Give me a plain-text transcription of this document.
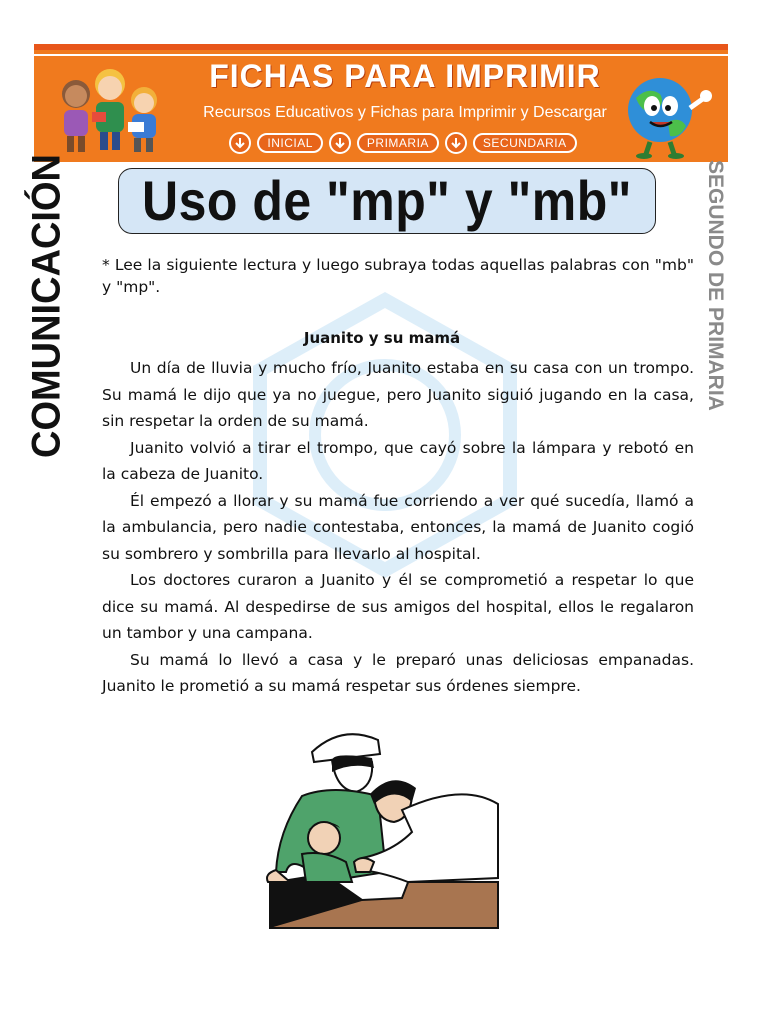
FICHAS PARA IMPRIMIR
Recursos Educativos y Fichas para Imprimir y Descargar
INICIAL	PRIMARIA	SECUNDARIA
COMUNICACIÓN	SEGUNDO DE PRIMARIA
Uso de "mp" y "mb"
* Lee la siguiente lectura y luego subraya todas aquellas palabras con "mb" y "mp".
Juanito y su mamá

Un día de lluvia y mucho frío, Juanito estaba en su casa con un trompo. Su mamá le dijo que ya no juegue, pero Juanito siguió jugando en la casa, sin respetar la orden de su mamá.

Juanito volvió a tirar el trompo, que cayó sobre la lámpara y rebotó en la cabeza de Juanito.

Él empezó a llorar y su mamá fue corriendo a ver qué sucedía, llamó a la ambulancia, pero nadie contestaba, entonces, la mamá de Juanito cogió su sombrero y sombrilla para llevarlo al hospital.

Los doctores curaron a Juanito y él se comprometió a respetar lo que dice su mamá. Al despedirse de sus amigos del hospital, ellos le regalaron un tambor y una campana.

Su mamá lo llevó a casa y le preparó unas deliciosas empanadas. Juanito le prometió a su mamá respetar sus órdenes siempre.
